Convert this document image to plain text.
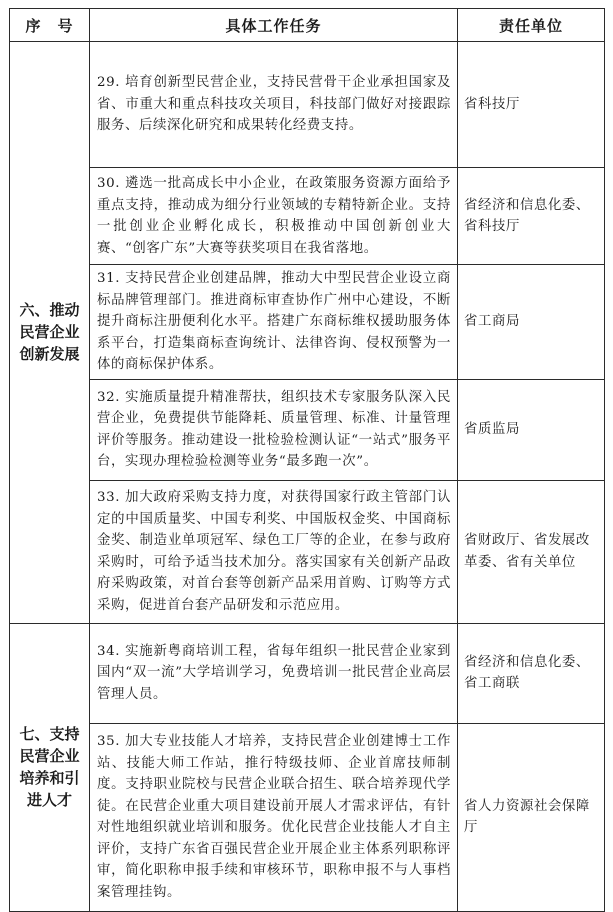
序　号	具体工作任务	责任单位

六、推动民营企业创新发展	29. 培育创新型民营企业，支持民营骨干企业承担国家及省、市重大和重点科技攻关项目，科技部门做好对接跟踪服务、后续深化研究和成果转化经费支持。	省科技厅

	30. 遴选一批高成长中小企业，在政策服务资源方面给予重点支持，推动成为细分行业领域的专精特新企业。支持一批创业企业孵化成长，积极推动中国创新创业大赛、“创客广东”大赛等获奖项目在我省落地。	省经济和信息化委、省科技厅

	31. 支持民营企业创建品牌，推动大中型民营企业设立商标品牌管理部门。推进商标审查协作广州中心建设，不断提升商标注册便利化水平。搭建广东商标维权援助服务体系平台，打造集商标查询统计、法律咨询、侵权预警为一体的商标保护体系。	省工商局

	32. 实施质量提升精准帮扶，组织技术专家服务队深入民营企业，免费提供节能降耗、质量管理、标准、计量管理评价等服务。推动建设一批检验检测认证“一站式”服务平台，实现办理检验检测等业务“最多跑一次”。	省质监局

	33. 加大政府采购支持力度，对获得国家行政主管部门认定的中国质量奖、中国专利奖、中国版权金奖、中国商标金奖、制造业单项冠军、绿色工厂等的企业，在参与政府采购时，可给予适当技术加分。落实国家有关创新产品政府采购政策，对首台套等创新产品采用首购、订购等方式采购，促进首台套产品研发和示范应用。	省财政厅、省发展改革委、省有关单位

七、支持民营企业培养和引进人才	34. 实施新粤商培训工程，省每年组织一批民营企业家到国内“双一流”大学培训学习，免费培训一批民营企业高层管理人员。	省经济和信息化委、省工商联

	35. 加大专业技能人才培养，支持民营企业创建博士工作站、技能大师工作站，推行特级技师、企业首席技师制度。支持职业院校与民营企业联合招生、联合培养现代学徒。在民营企业重大项目建设前开展人才需求评估，有针对性地组织就业培训和服务。优化民营企业技能人才自主评价，支持广东省百强民营企业开展企业主体系列职称评审，简化职称申报手续和审核环节，职称申报不与人事档案管理挂钩。	省人力资源社会保障厅
